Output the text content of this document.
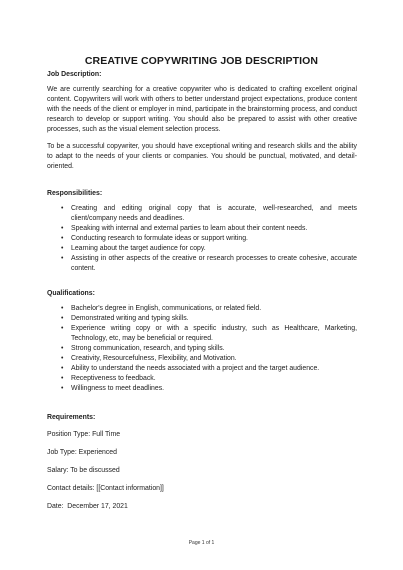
CREATIVE COPYWRITING JOB DESCRIPTION
Job Description:

We are currently searching for a creative copywriter who is dedicated to crafting excellent original content. Copywriters will work with others to better understand project expectations, produce content with the needs of the client or employer in mind, participate in the brainstorming process, and conduct research to develop or support writing. You should also be prepared to assist with other creative processes, such as the visual element selection process.

To be a successful copywriter, you should have exceptional writing and research skills and the ability to adapt to the needs of your clients or companies. You should be punctual, motivated, and detail-oriented.

Responsibilities:
• Creating and editing original copy that is accurate, well-researched, and meets client/company needs and deadlines.
• Speaking with internal and external parties to learn about their content needs.
• Conducting research to formulate ideas or support writing.
• Learning about the target audience for copy.
• Assisting in other aspects of the creative or research processes to create cohesive, accurate content.
Qualifications:
• Bachelor's degree in English, communications, or related field.
• Demonstrated writing and typing skills.
• Experience writing copy or with a specific industry, such as Healthcare, Marketing, Technology, etc, may be beneficial or required.
• Strong communication, research, and typing skills.
• Creativity, Resourcefulness, Flexibility, and Motivation.
• Ability to understand the needs associated with a project and the target audience.
• Receptiveness to feedback.
• Willingness to meet deadlines.
Requirements:
Position Type: Full Time
Job Type: Experienced
Salary: To be discussed
Contact details: [[Contact information]]
Date:  December 17, 2021
Page 1 of 1
